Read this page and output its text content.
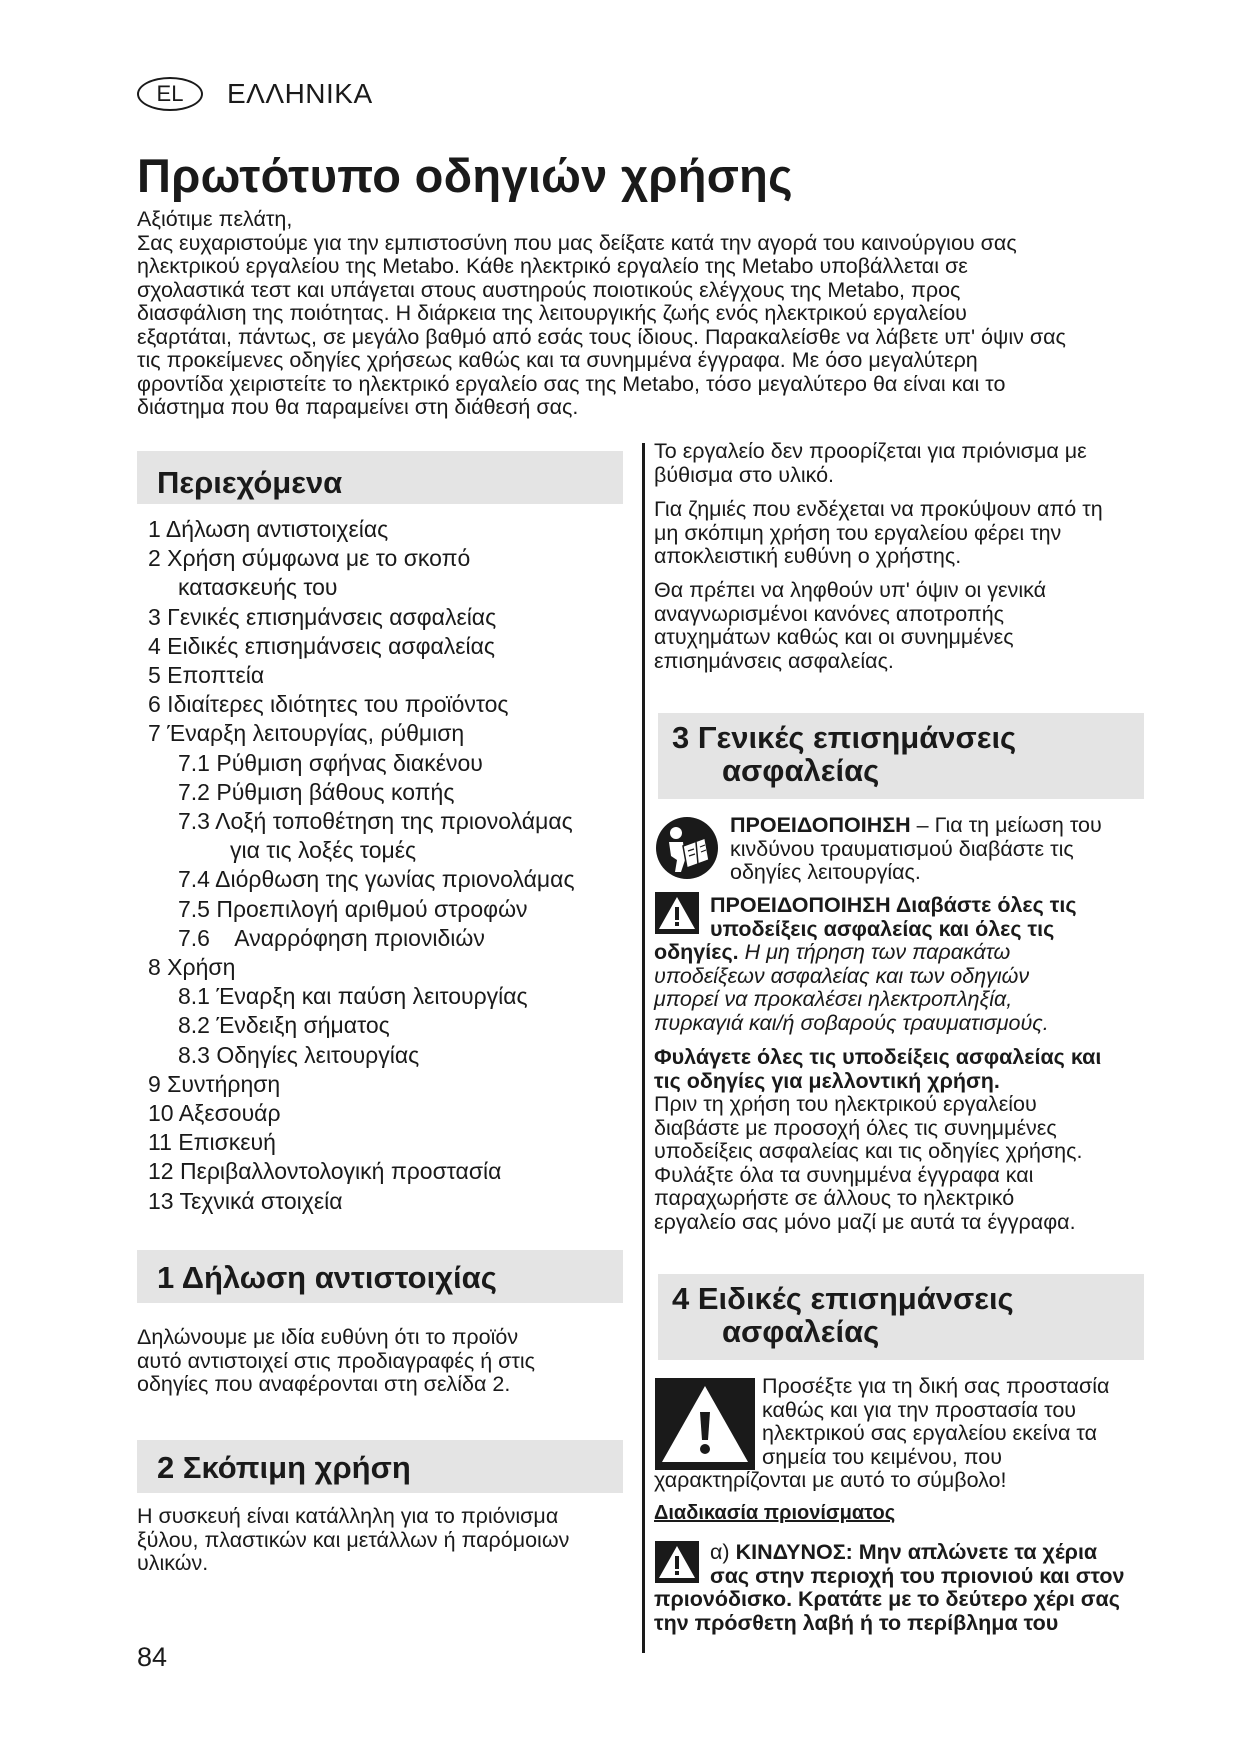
EL	ΕΛΛΗΝΙΚΑ
Πρωτότυπο οδηγιών χρήσης

Αξιότιμε πελάτη,

Σας ευχαριστούμε για την εμπιστοσύνη που μας δείξατε κατά την αγορά του καινούργιου σας

ηλεκτρικού εργαλείου της Metabo. Κάθε ηλεκτρικό εργαλείο της Metabo υποβάλλεται σε

σχολαστικά τεστ και υπάγεται στους αυστηρούς ποιοτικούς ελέγχους της Metabo, προς

διασφάλιση της ποιότητας. Η διάρκεια της λειτουργικής ζωής ενός ηλεκτρικού εργαλείου

εξαρτάται, πάντως, σε μεγάλο βαθμό από εσάς τους ίδιους. Παρακαλείσθε να λάβετε υπ' όψιν σας

τις προκείμενες οδηγίες χρήσεως καθώς και τα συνημμένα έγγραφα. Με όσο μεγαλύτερη

φροντίδα χειριστείτε το ηλεκτρικό εργαλείο σας της Metabo, τόσο μεγαλύτερο θα είναι και το

διάστημα που θα παραμείνει στη διάθεσή σας.

Περιεχόμενα
1 Δήλωση αντιστοιχείας
2 Χρήση σύμφωνα με το σκοπό
κατασκευής του
3 Γενικές επισημάνσεις ασφαλείας
4 Ειδικές επισημάνσεις ασφαλείας
5 Εποπτεία
6 Ιδιαίτερες ιδιότητες του προϊόντος
7 Έναρξη λειτουργίας, ρύθμιση
7.1 Ρύθμιση σφήνας διακένου
7.2 Ρύθμιση βάθους κοπής
7.3 Λοξή τοποθέτηση της πριονολάμας
για τις λοξές τομές
7.4 Διόρθωση της γωνίας πριονολάμας
7.5 Προεπιλογή αριθμού στροφών
7.6    Αναρρόφηση πριονιδιών
8 Χρήση
8.1 Έναρξη και παύση λειτουργίας
8.2 Ένδειξη σήματος
8.3 Οδηγίες λειτουργίας
9 Συντήρηση
10 Αξεσουάρ
11 Επισκευή
12 Περιβαλλοντολογική προστασία
13 Τεχνικά στοιχεία
1 Δήλωση αντιστοιχίας
Δηλώνουμε με ιδία ευθύνη ότι το προϊόν
αυτό αντιστοιχεί στις προδιαγραφές ή στις
οδηγίες που αναφέρονται στη σελίδα 2.
2 Σκόπιμη χρήση
Η συσκευή είναι κατάλληλη για το πριόνισμα
ξύλου, πλαστικών και μετάλλων ή παρόμοιων
υλικών.
84
Το εργαλείο δεν προορίζεται για πριόνισμα με
βύθισμα στο υλικό.
Για ζημιές που ενδέχεται να προκύψουν από τη
μη σκόπιμη χρήση του εργαλείου φέρει την
αποκλειστική ευθύνη ο χρήστης.
Θα πρέπει να ληφθούν υπ' όψιν οι γενικά
αναγνωρισμένοι κανόνες αποτροπής
ατυχημάτων καθώς και οι συνημμένες
επισημάνσεις ασφαλείας.
3 Γενικές επισημάνσεις
ασφαλείας
ΠΡΟΕΙΔΟΠΟΙΗΣΗ – Για τη μείωση του
κινδύνου τραυματισμού διαβάστε τις
οδηγίες λειτουργίας.
ΠΡΟΕΙΔΟΠΟΙΗΣΗ Διαβάστε όλες τις
υποδείξεις ασφαλείας και όλες τις
οδηγίες. Η μη τήρηση των παρακάτω
υποδείξεων ασφαλείας και των οδηγιών
μπορεί να προκαλέσει ηλεκτροπληξία,
πυρκαγιά και/ή σοβαρούς τραυματισμούς.
Φυλάγετε όλες τις υποδείξεις ασφαλείας και
τις οδηγίες για μελλοντική χρήση.
Πριν τη χρήση του ηλεκτρικού εργαλείου
διαβάστε με προσοχή όλες τις συνημμένες
υποδείξεις ασφαλείας και τις οδηγίες χρήσης.
Φυλάξτε όλα τα συνημμένα έγγραφα και
παραχωρήστε σε άλλους το ηλεκτρικό
εργαλείο σας μόνο μαζί με αυτά τα έγγραφα.
4 Ειδικές επισημάνσεις
ασφαλείας
Προσέξτε για τη δική σας προστασία
καθώς και για την προστασία του
ηλεκτρικού σας εργαλείου εκείνα τα
σημεία του κειμένου, που
χαρακτηρίζονται με αυτό το σύμβολο!
Διαδικασία πριονίσματος
α) ΚΙΝΔΥΝΟΣ: Μην απλώνετε τα χέρια
σας στην περιοχή του πριονιού και στον
πριονόδισκο. Κρατάτε με το δεύτερο χέρι σας
την πρόσθετη λαβή ή το περίβλημα του
